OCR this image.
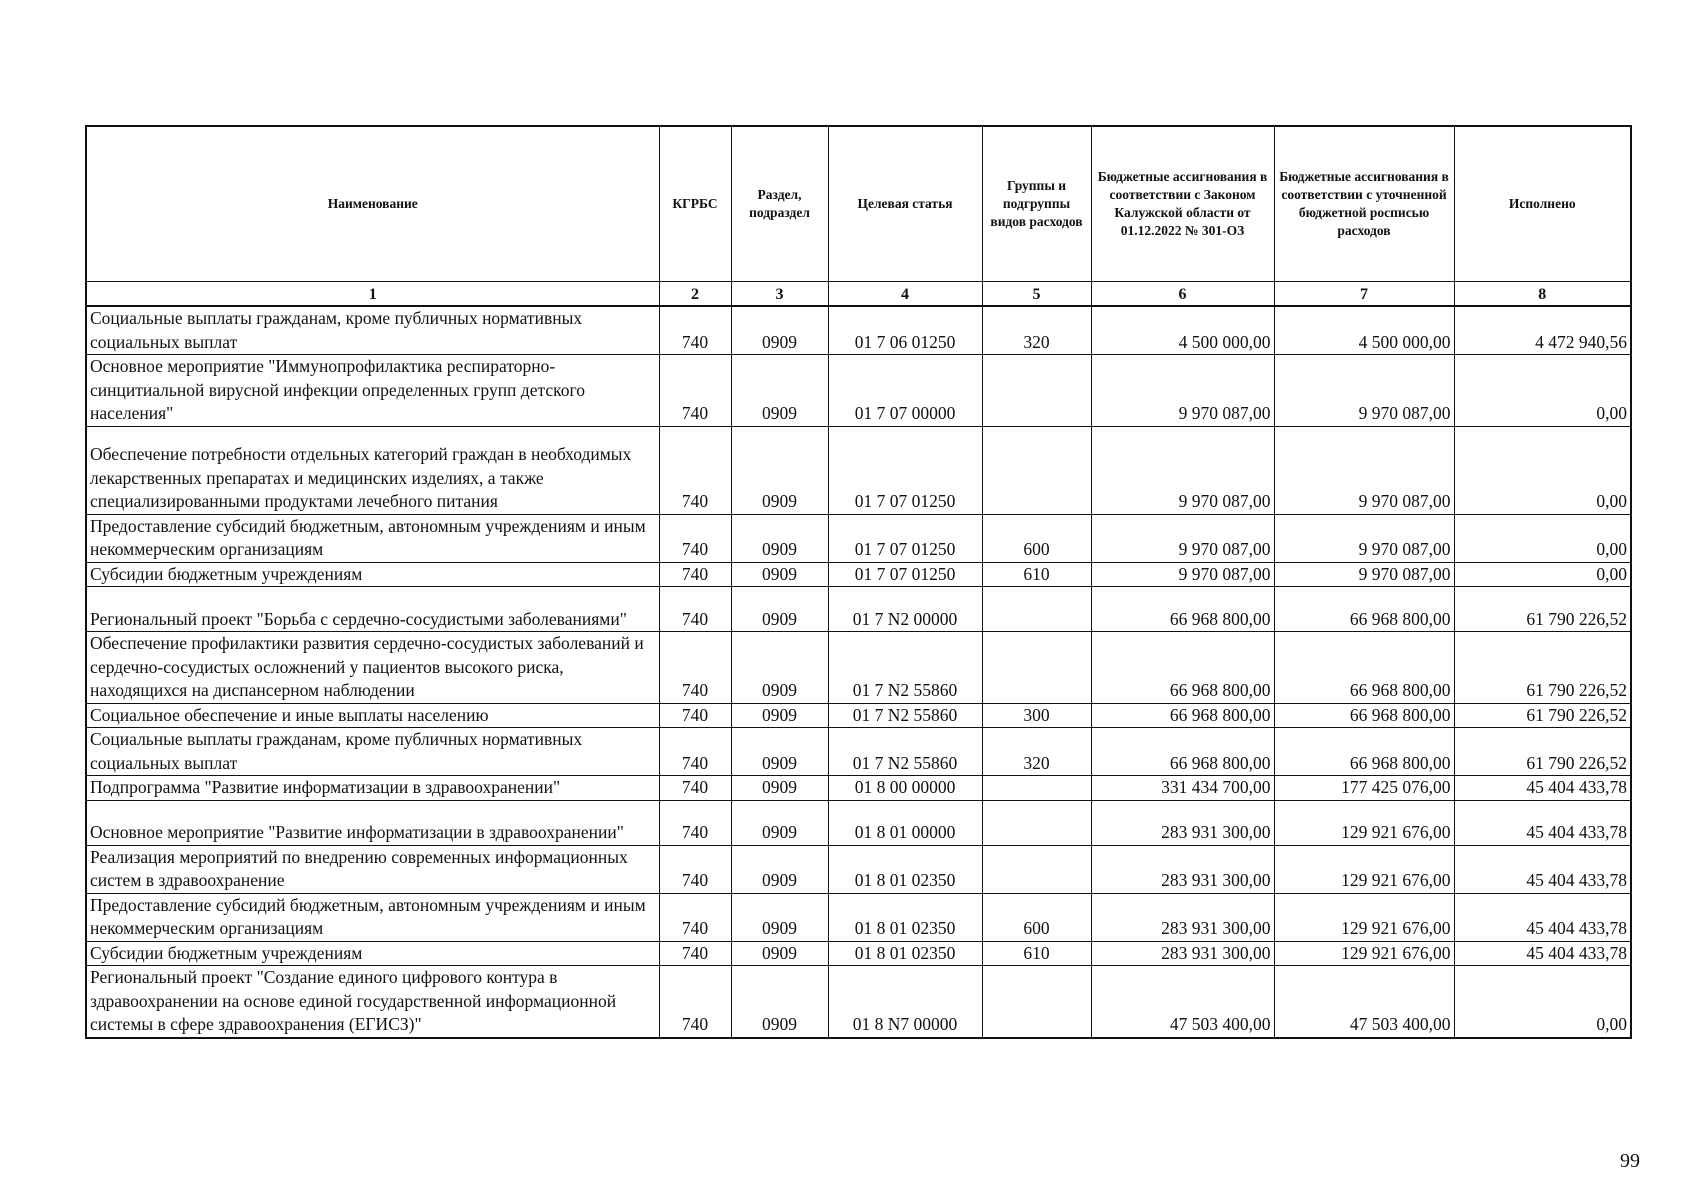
Наименование	КГРБС	Раздел, подраздел	Целевая статья	Группы и подгруппы видов расходов	Бюджетные ассигнования в соответствии с Законом Калужской области от 01.12.2022 № 301-ОЗ	Бюджетные ассигнования в соответствии с уточненной бюджетной росписью расходов	Исполнено
1	2	3	4	5	6	7	8
Социальные выплаты гражданам, кроме публичных нормативных социальных выплат	740	0909	01 7 06 01250	320	4 500 000,00	4 500 000,00	4 472 940,56
Основное мероприятие "Иммунопрофилактика респираторно-синцитиальной вирусной инфекции определенных групп детского населения"	740	0909	01 7 07 00000		9 970 087,00	9 970 087,00	0,00
Обеспечение потребности отдельных категорий граждан в необходимых лекарственных препаратах и медицинских изделиях, а также специализированными продуктами лечебного питания	740	0909	01 7 07 01250		9 970 087,00	9 970 087,00	0,00
Предоставление субсидий бюджетным, автономным учреждениям и иным некоммерческим организациям	740	0909	01 7 07 01250	600	9 970 087,00	9 970 087,00	0,00
Субсидии бюджетным учреждениям	740	0909	01 7 07 01250	610	9 970 087,00	9 970 087,00	0,00
Региональный проект "Борьба с сердечно-сосудистыми заболеваниями"	740	0909	01 7 N2 00000		66 968 800,00	66 968 800,00	61 790 226,52
Обеспечение профилактики развития сердечно-сосудистых заболеваний и сердечно-сосудистых осложнений у пациентов высокого риска, находящихся на диспансерном наблюдении	740	0909	01 7 N2 55860		66 968 800,00	66 968 800,00	61 790 226,52
Социальное обеспечение и иные выплаты населению	740	0909	01 7 N2 55860	300	66 968 800,00	66 968 800,00	61 790 226,52
Социальные выплаты гражданам, кроме публичных нормативных социальных выплат	740	0909	01 7 N2 55860	320	66 968 800,00	66 968 800,00	61 790 226,52
Подпрограмма "Развитие информатизации в здравоохранении"	740	0909	01 8 00 00000		331 434 700,00	177 425 076,00	45 404 433,78
Основное мероприятие "Развитие информатизации в здравоохранении"	740	0909	01 8 01 00000		283 931 300,00	129 921 676,00	45 404 433,78
Реализация мероприятий по внедрению современных информационных систем в здравоохранение	740	0909	01 8 01 02350		283 931 300,00	129 921 676,00	45 404 433,78
Предоставление субсидий бюджетным, автономным учреждениям и иным некоммерческим организациям	740	0909	01 8 01 02350	600	283 931 300,00	129 921 676,00	45 404 433,78
Субсидии бюджетным учреждениям	740	0909	01 8 01 02350	610	283 931 300,00	129 921 676,00	45 404 433,78
Региональный проект "Создание единого цифрового контура в здравоохранении на основе единой государственной информационной системы в сфере здравоохранения (ЕГИСЗ)"	740	0909	01 8 N7 00000		47 503 400,00	47 503 400,00	0,00
99
